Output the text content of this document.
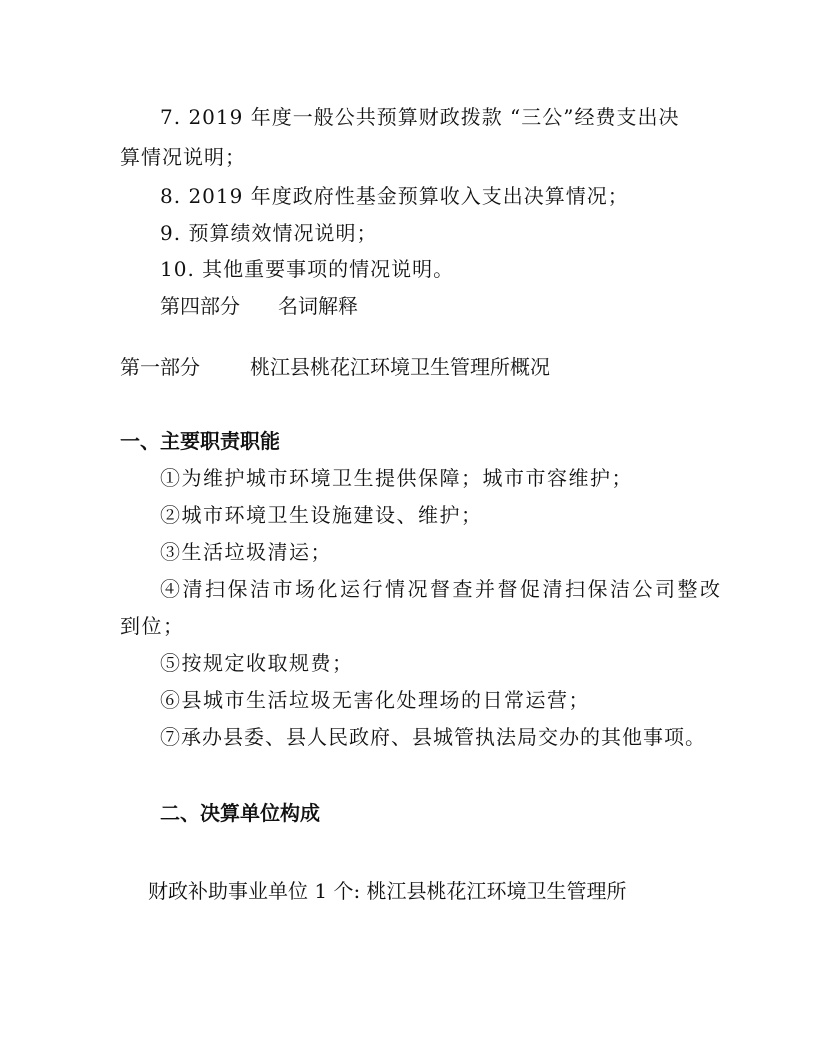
7. 2019 年度一般公共预算财政拨款 “三公”经费支出决
算情况说明；
8. 2019 年度政府性基金预算收入支出决算情况；
9. 预算绩效情况说明；
10. 其他重要事项的情况说明。
第四部分 名词解释
第一部分	桃江县桃花江环境卫生管理所概况
一、主要职责职能
①为维护城市环境卫生提供保障；城市市容维护；
②城市环境卫生设施建设、维护；
③生活垃圾清运；
④清扫保洁市场化运行情况督查并督促清扫保洁公司整改
到位；
⑤按规定收取规费；
⑥县城市生活垃圾无害化处理场的日常运营；
⑦承办县委、县人民政府、县城管执法局交办的其他事项。
二、决算单位构成
财政补助事业单位 1 个: 桃江县桃花江环境卫生管理所
